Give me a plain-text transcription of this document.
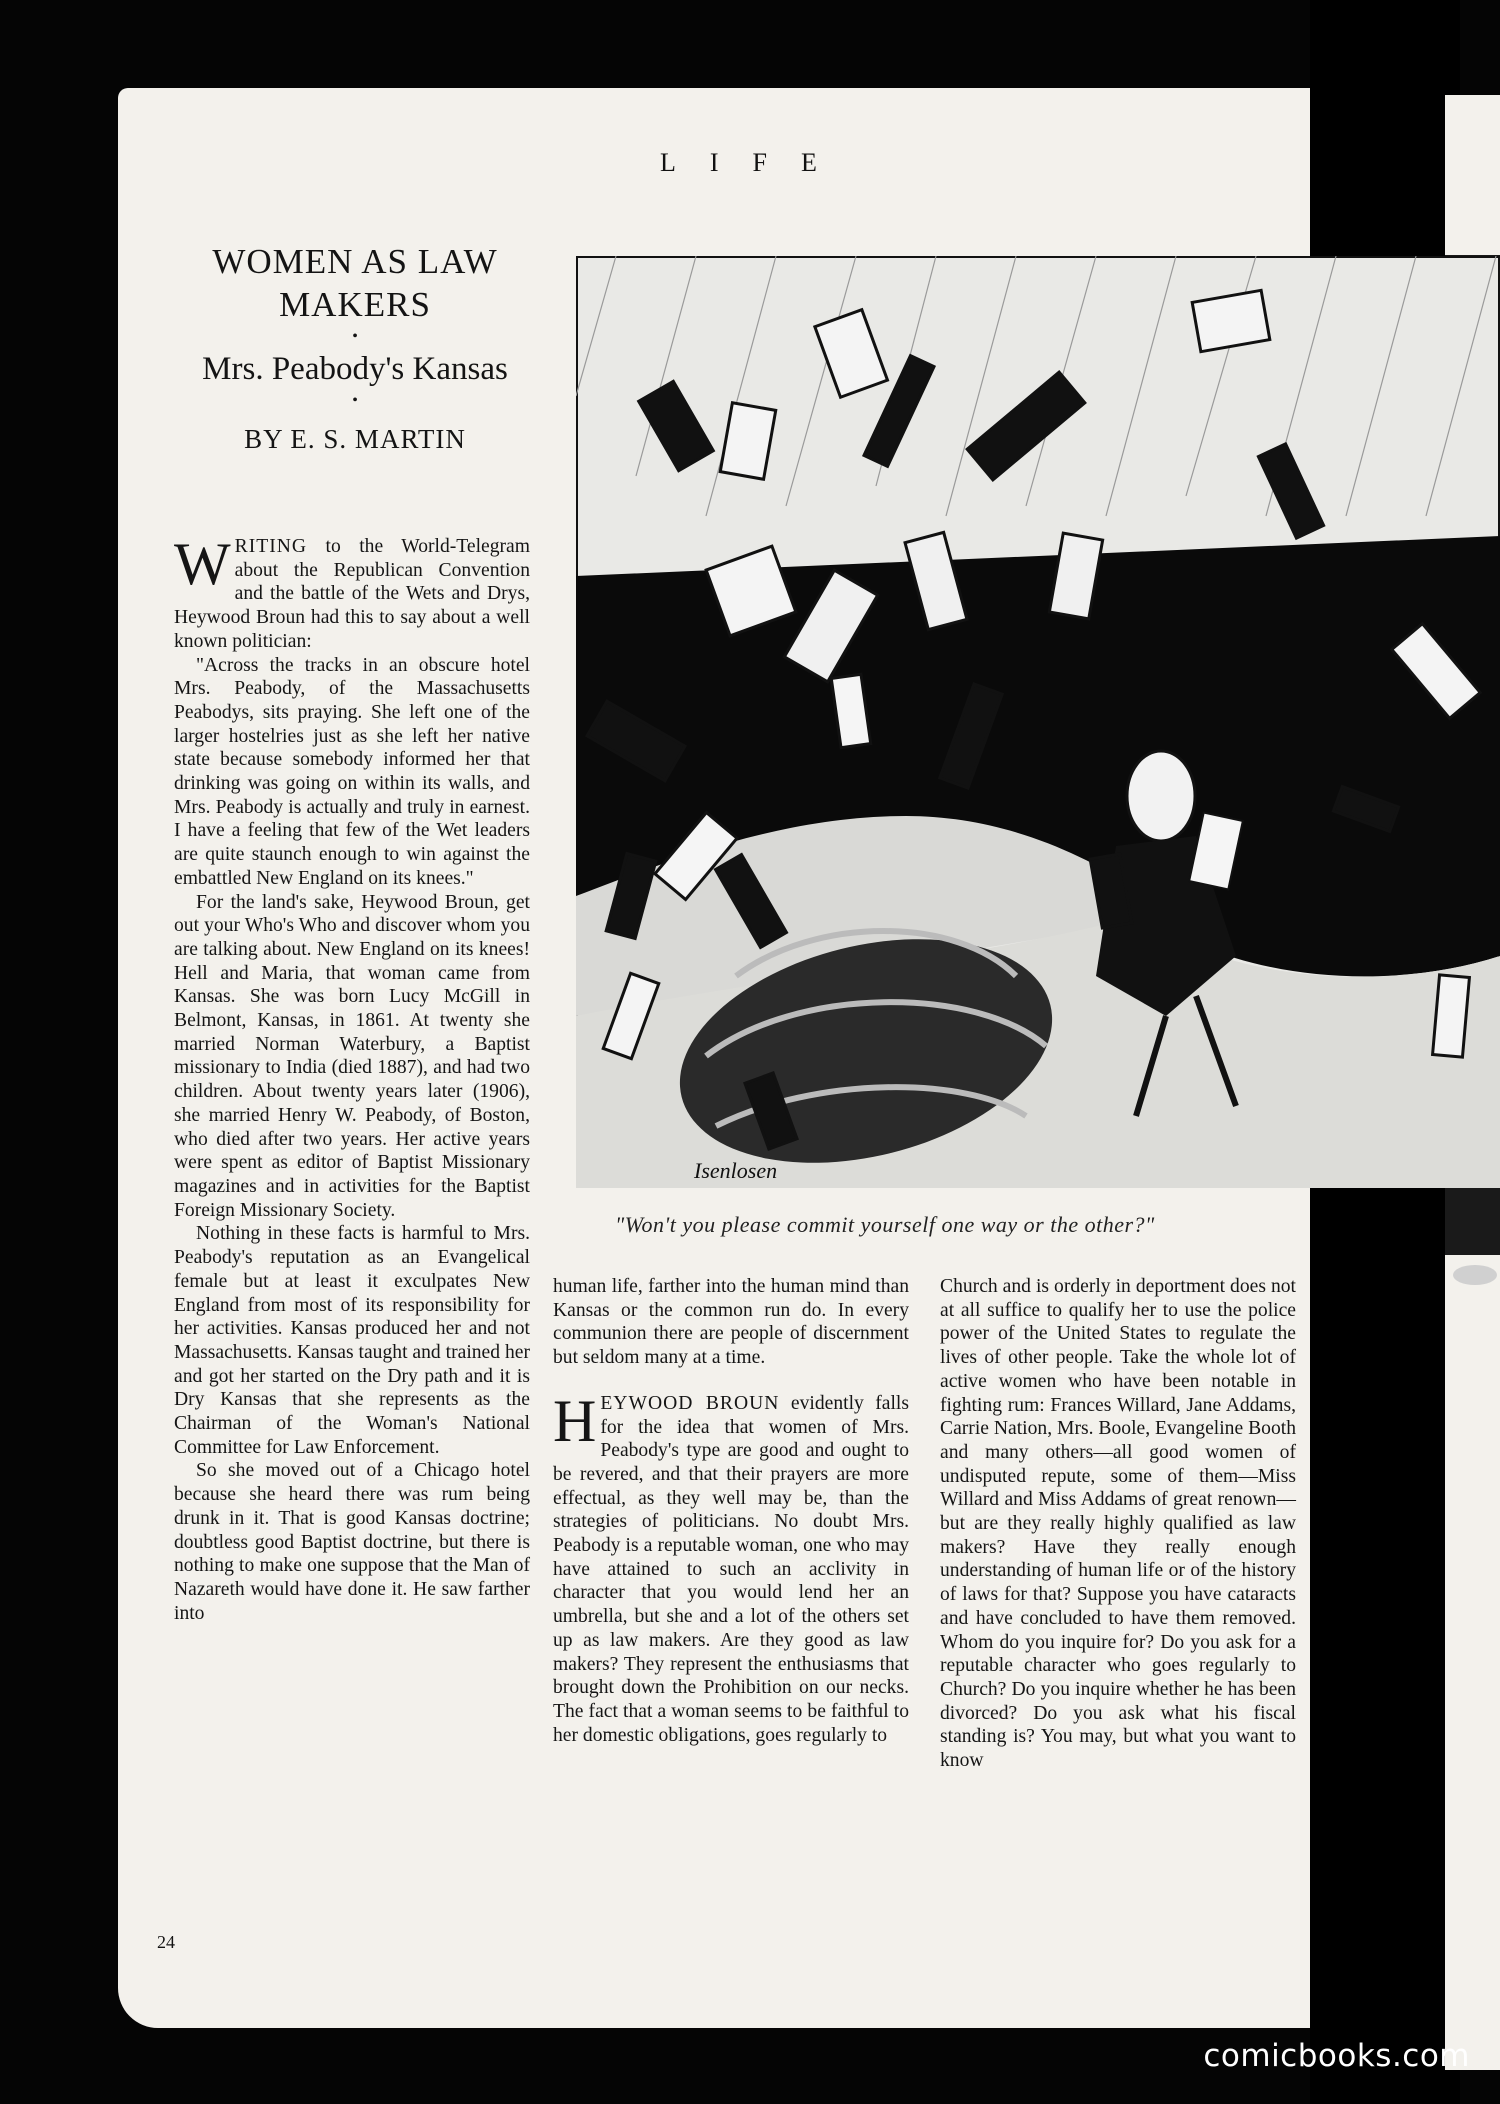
LIFE
WOMEN AS LAW MAKERS
•
Mrs. Peabody's Kansas
•
BY E. S. MARTIN
Isenlosen
"Won't you please commit yourself one way or the other?"

WRITING to the World-Telegram about the Republican Convention and the battle of the Wets and Drys, Heywood Broun had this to say about a well known politician:

"Across the tracks in an obscure hotel Mrs. Peabody, of the Massachusetts Peabodys, sits praying. She left one of the larger hostelries just as she left her native state because somebody informed her that drinking was going on within its walls, and Mrs. Peabody is actually and truly in earnest. I have a feeling that few of the Wet leaders are quite staunch enough to win against the embattled New England on its knees."

For the land's sake, Heywood Broun, get out your Who's Who and discover whom you are talking about. New England on its knees! Hell and Maria, that woman came from Kansas. She was born Lucy McGill in Belmont, Kansas, in 1861. At twenty she married Norman Waterbury, a Baptist missionary to India (died 1887), and had two children. About twenty years later (1906), she married Henry W. Peabody, of Boston, who died after two years. Her active years were spent as editor of Baptist Missionary magazines and in activities for the Baptist Foreign Missionary Society.

Nothing in these facts is harmful to Mrs. Peabody's reputation as an Evangelical female but at least it exculpates New England from most of its responsibility for her activities. Kansas produced her and not Massachusetts. Kansas taught and trained her and got her started on the Dry path and it is Dry Kansas that she represents as the Chairman of the Woman's National Committee for Law Enforcement.

So she moved out of a Chicago hotel because she heard there was rum being drunk in it. That is good Kansas doctrine; doubtless good Baptist doctrine, but there is nothing to make one suppose that the Man of Nazareth would have done it. He saw farther into

human life, farther into the human mind than Kansas or the common run do. In every communion there are people of discernment but seldom many at a time.

HEYWOOD BROUN evidently falls for the idea that women of Mrs. Peabody's type are good and ought to be revered, and that their prayers are more effectual, as they well may be, than the strategies of politicians. No doubt Mrs. Peabody is a reputable woman, one who may have attained to such an acclivity in character that you would lend her an umbrella, but she and a lot of the others set up as law makers. Are they good as law makers? They represent the enthusiasms that brought down the Prohibition on our necks. The fact that a woman seems to be faithful to her domestic obligations, goes regularly to

Church and is orderly in deportment does not at all suffice to qualify her to use the police power of the United States to regulate the lives of other people. Take the whole lot of active women who have been notable in fighting rum: Frances Willard, Jane Addams, Carrie Nation, Mrs. Boole, Evangeline Booth and many others—all good women of undisputed repute, some of them—Miss Willard and Miss Addams of great renown—but are they really highly qualified as law makers? Have they really enough understanding of human life or of the history of laws for that? Suppose you have cataracts and have concluded to have them removed. Whom do you inquire for? Do you ask for a reputable character who goes regularly to Church? Do you inquire whether he has been divorced? Do you ask what his fiscal standing is? You may, but what you want to know

24
comicbooks.com
